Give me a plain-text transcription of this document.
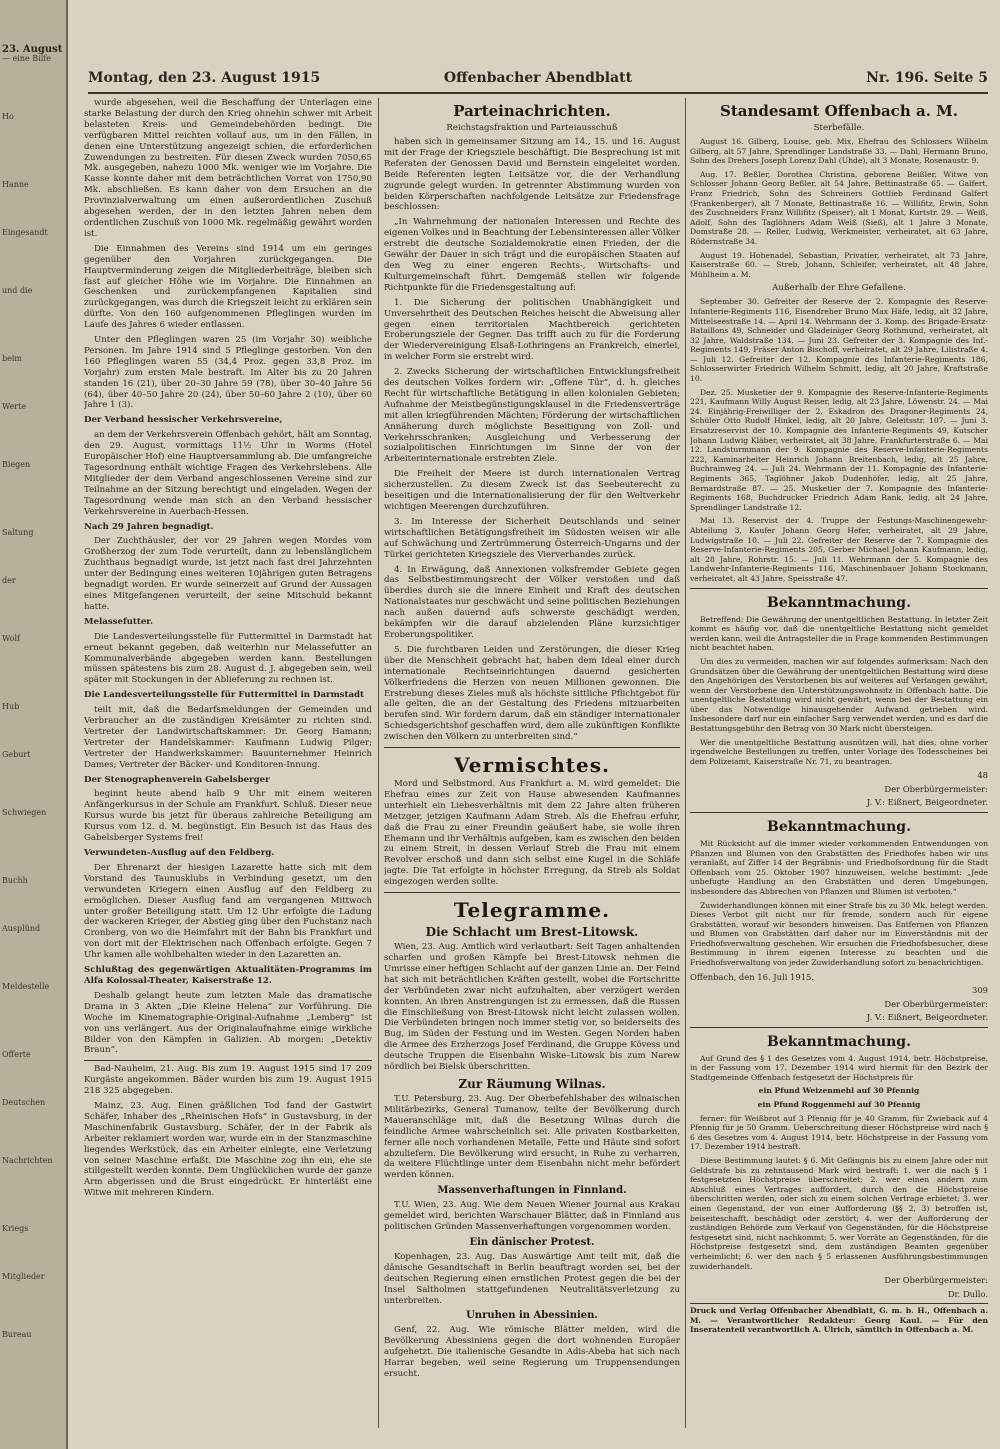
23. August
— eine Bilfe
Ho
Hanne
Eingesandt
und die
beim
Werte
Biegen
Saltung
der
Wolf
Hub
Geburt
Schwiegen
Buchh
Ausplünd
Meldestelle
Offerte
Deutschen
Nachrichten
Kriegs
Mitglieder
Bureau
Montag, den 23. August 1915	Offenbacher Abendblatt	Nr. 196. Seite 5

wurde abgesehen, weil die Beschaffung der Unterlagen eine starke Belastung der durch den Krieg ohnehin schwer mit Arbeit belasteten Kreis- und Gemeindebehörden bedingt. Die verfügbaren Mittel reichten vollauf aus, um in den Fällen, in denen eine Unterstützung angezeigt schien, die erforderlichen Zuwendungen zu bestreiten. Für diesen Zweck wurden 7050,65 Mk. ausgegeben, nahezu 1000 Mk. weniger wie im Vorjahre. Die Kasse konnte daher mit dem beträchtlichen Vorrat von 1750,90 Mk. abschließen. Es kann daher von dem Ersuchen an die Provinzialverwaltung um einen außerordentlichen Zuschuß abgesehen werden, der in den letzten Jahren neben dem ordentlichen Zuschuß von 1000 Mk. regelmäßig gewährt worden ist.

Die Einnahmen des Vereins sind 1914 um ein geringes gegenüber den Vorjahren zurückgegangen. Die Hauptverminderung zeigen die Mitgliederbeiträge, bleiben sich fast auf gleicher Höhe wie im Vorjahre. Die Einnahmen an Geschenken und zurückempfangenen Kapitalien sind zurückgegangen, was durch die Kriegszeit leicht zu erklären sein dürfte. Von den 160 aufgenommenen Pfleglingen wurden im Laufe des Jahres 6 wieder entlassen.

Unter den Pfleglingen waren 25 (im Vorjahr 30) weibliche Personen. Im Jahre 1914 sind 5 Pfleglinge gestorben. Von den 160 Pfleglingen waren 55 (34,4 Proz. gegen 33,8 Proz. im Vorjahr) zum ersten Male bestraft. Im Alter bis zu 20 Jahren standen 16 (21), über 20–30 Jahre 59 (78), über 30–40 Jahre 56 (64), über 40–50 Jahre 20 (24), über 50–60 Jahre 2 (10), über 60 Jahre 1 (3).

Der Verband hessischer Verkehrsvereine,

an dem der Verkehrsverein Offenbach gehört, hält am Sonntag, den 29. August, vormittags 11½ Uhr in Worms (Hotel Europäischer Hof) eine Hauptversammlung ab. Die umfangreiche Tagesordnung enthält wichtige Fragen des Verkehrslebens. Alle Mitglieder der dem Verband angeschlossenen Vereine sind zur Teilnahme an der Sitzung berechtigt und eingeladen. Wegen der Tagesordnung wende man sich an den Verband hessischer Verkehrsvereine in Auerbach-Hessen.

Nach 29 Jahren begnadigt.

Der Zuchthäusler, der vor 29 Jahren wegen Mordes vom Großherzog der zum Tode verurteilt, dann zu lebenslänglichem Zuchthaus begnadigt wurde, ist jetzt nach fast drei Jahrzehnten unter der Bedingung eines weiteren 10jährigen guten Betragens begnadigt worden. Er wurde seinerzeit auf Grund der Aussagen eines Mitgefangenen verurteilt, der seine Mitschuld bekannt hatte.

Melassefutter.

Die Landesverteilungsstelle für Futtermittel in Darmstadt hat erneut bekannt gegeben, daß weiterhin nur Melassefutter an Kommunalverbände abgegeben werden kann. Bestellungen müssen spätestens bis zum 28. August d. J. abgegeben sein, weil später mit Stockungen in der Ablieferung zu rechnen ist.

Die Landesverteilungsstelle für Futtermittel in Darmstadt

teilt mit, daß die Bedarfsmeldungen der Gemeinden und Verbraucher an die zuständigen Kreisämter zu richten sind. Vertreter der Landwirtschaftskammer: Dr. Georg Hamann; Vertreter der Handelskammer: Kaufmann Ludwig Pilger; Vertreter der Handwerkskammer: Bauunternehmer Heinrich Dames; Vertreter der Bäcker- und Konditoren-Innung.

Der Stenographenverein Gabelsberger

beginnt heute abend halb 9 Uhr mit einem weiteren Anfängerkursus in der Schule am Frankfurt. Schluß. Dieser neue Kursus wurde bis jetzt für überaus zahlreiche Beteiligung am Kursus vom 12. d. M. begünstigt. Ein Besuch ist das Haus des Gabelsberger Systems frei!

Verwundeten-Ausflug auf den Feldberg.

Der Ehrenarzt der hiesigen Lazarette hatte sich mit dem Vorstand des Taunusklubs in Verbindung gesetzt, um den verwundeten Kriegern einen Ausflug auf den Feldberg zu ermöglichen. Dieser Ausflug fand am vergangenen Mittwoch unter großer Beteiligung statt. Um 12 Uhr erfolgte die Ladung der wackeren Krieger, der Abstieg ging über den Fuchstanz nach Cronberg, von wo die Heimfahrt mit der Bahn bis Frankfurt und von dort mit der Elektrischen nach Offenbach erfolgte. Gegen 7 Uhr kamen alle wohlbehalten wieder in den Lazaretten an.

Schlußtag des gegenwärtigen Aktualitäten-Programms im Alfa Kolossal-Theater, Kaiserstraße 12.

Deshalb gelangt heute zum letzten Male das dramatische Drama in 3 Akten „Die Kleine Helena“ zur Vorführung. Die Woche im Kinematographie-Original-Aufnahme „Lemberg“ ist von uns verlängert. Aus der Originalaufnahme einige wirkliche Bilder von den Kämpfen in Galizien. Ab morgen: „Detektiv Braun“.

Bad-Nauheim, 21. Aug. Bis zum 19. August 1915 sind 17 209 Kurgäste angekommen. Bäder wurden bis zum 19. August 1915 218 325 abgegeben.

Mainz, 23. Aug. Einen gräßlichen Tod fand der Gastwirt Schäfer, Inhaber des „Rheinischen Hofs“ in Gustavsburg, in der Maschinenfabrik Gustavsburg. Schäfer, der in der Fabrik als Arbeiter reklamiert worden war, wurde ein in der Stanzmaschine liegendes Werkstück, das ein Arbeiter einlegte, eine Verletzung von seiner Maschine erfaßt. Die Maschine zog ihn ein, ehe sie stillgestellt werden konnte. Dem Unglücklichen wurde der ganze Arm abgerissen und die Brust eingedrückt. Er hinterläßt eine Witwe mit mehreren Kindern.

Parteinachrichten.
Reichstagsfraktion und Parteiausschuß

haben sich in gemeinsamer Sitzung am 14., 15. und 16. August mit der Frage der Kriegsziele beschäftigt. Die Besprechung ist mit Referaten der Genossen David und Bernstein eingeleitet worden. Beide Referenten legten Leitsätze vor, die der Verhandlung zugrunde gelegt wurden. In getrennter Abstimmung wurden von beiden Körperschaften nachfolgende Leitsätze zur Friedensfrage beschlossen:

„In Wahrnehmung der nationalen Interessen und Rechte des eigenen Volkes und in Beachtung der Lebensinteressen aller Völker erstrebt die deutsche Sozialdemokratie einen Frieden, der die Gewähr der Dauer in sich trägt und die europäischen Staaten auf den Weg zu einer engeren Rechts-, Wirtschafts- und Kulturgemeinschaft führt. Demgemäß stellen wir folgende Richtpunkte für die Friedensgestaltung auf:

1. Die Sicherung der politischen Unabhängigkeit und Unversehrtheit des Deutschen Reiches heischt die Abweisung aller gegen einen territorialen Machtbereich gerichteten Eroberungsziele der Gegner. Das trifft auch zu für die Forderung der Wiedervereinigung Elsaß-Lothringens an Frankreich, einerlei, in welcher Form sie erstrebt wird.

2. Zwecks Sicherung der wirtschaftlichen Entwicklungsfreiheit des deutschen Volkes fordern wir: „Offene Tür“, d. h. gleiches Recht für wirtschaftliche Betätigung in allen kolonialen Gebieten; Aufnahme der Meistbegünstigungsklausel in die Friedensverträge mit allen kriegführenden Mächten; Förderung der wirtschaftlichen Annäherung durch möglichste Beseitigung von Zoll- und Verkehrsschranken; Ausgleichung und Verbesserung der sozialpolitischen Einrichtungen im Sinne der von der Arbeiterinternationale erstrebten Ziele.

Die Freiheit der Meere ist durch internationalen Vertrag sicherzustellen. Zu diesem Zweck ist das Seebeuterecht zu beseitigen und die Internationalisierung der für den Weltverkehr wichtigen Meerengen durchzuführen.

3. Im Interesse der Sicherheit Deutschlands und seiner wirtschaftlichen Betätigungsfreiheit im Südosten weisen wir alle auf Schwächung und Zertrümmerung Österreich-Ungarns und der Türkei gerichteten Kriegsziele des Vierverbandes zurück.

4. In Erwägung, daß Annexionen volksfremder Gebiete gegen das Selbstbestimmungsrecht der Völker verstoßen und daß überdies durch sie die innere Einheit und Kraft des deutschen Nationalstaates nur geschwächt und seine politischen Beziehungen nach außen dauernd aufs schwerste geschädigt werden, bekämpfen wir die darauf abzielenden Pläne kurzsichtiger Eroberungspolitiker.

5. Die furchtbaren Leiden und Zerstörungen, die dieser Krieg über die Menschheit gebracht hat, haben dem Ideal einer durch internationale Rechtseinrichtungen dauernd gesicherten Völkerfriedens die Herzen von neuen Millionen gewonnen. Die Erstrebung dieses Zieles muß als höchste sittliche Pflichtgebot für alle gelten, die an der Gestaltung des Friedens mitzuarbeiten berufen sind. Wir fordern darum, daß ein ständiger internationaler Schiedsgerichtshof geschaffen wird, dem alle zukünftigen Konflikte zwischen den Völkern zu unterbreiten sind.“

Vermischtes.

Mord und Selbstmord. Aus Frankfurt a. M. wird gemeldet: Die Ehefrau eines zur Zeit von Hause abwesenden Kaufmannes unterhielt ein Liebesverhältnis mit dem 22 Jahre alten früheren Metzger, jetzigen Kaufmann Adam Streb. Als die Ehefrau erfuhr, daß die Frau zu einer Freundin geäußert habe, sie wolle ihren Ehemann und ihr Verhältnis aufgeben, kam es zwischen den beiden zu einem Streit, in dessen Verlauf Streb die Frau mit einem Revolver erschoß und dann sich selbst eine Kugel in die Schläfe jagte. Die Tat erfolgte in höchster Erregung, da Streb als Soldat eingezogen werden sollte.

Telegramme.
Die Schlacht um Brest-Litowsk.

Wien, 23. Aug. Amtlich wird verlautbart: Seit Tagen anhaltenden scharfen und großen Kämpfe bei Brest-Litowsk nehmen die Umrisse einer heftigen Schlacht auf der ganzen Linie an. Der Feind hat sich mit beträchtlichen Kräften gestellt, wobei die Fortschritte der Verbündeten zwar nicht aufzuhalten, aber verzögert werden konnten. An ihren Anstrengungen ist zu ermessen, daß die Russen die Einschließung von Brest-Litowsk nicht leicht zulassen wollen. Die Verbündeten bringen noch immer stetig vor, so beiderseits des Bug, im Süden der Festung und im Westen. Gegen Norden haben die Armee des Erzherzogs Josef Ferdinand, die Gruppe Kövess und deutsche Truppen die Eisenbahn Wiske–Litowsk bis zum Narew nördlich bei Bielsk überschritten.

Zur Räumung Wilnas.

T.U. Petersburg, 23. Aug. Der Oberbefehlshaber des wilnaischen Militärbezirks, General Tumanow, teilte der Bevölkerung durch Maueranschläge mit, daß die Besetzung Wilnas durch die feindliche Armee wahrscheinlich sei. Alle privaten Kostbarkeiten, ferner alle noch vorhandenen Metalle, Fette und Häute sind sofort abzuliefern. Die Bevölkerung wird ersucht, in Ruhe zu verharren, da weitere Flüchtlinge unter dem Eisenbahn nicht mehr befördert werden können.

Massenverhaftungen in Finnland.

T.U. Wien, 23. Aug. Wie dem Neuen Wiener Journal aus Krakau gemeldet wird, berichten Warschauer Blätter, daß in Finnland aus politischen Gründen Massenverhaftungen vorgenommen worden.

Ein dänischer Protest.

Kopenhagen, 23. Aug. Das Auswärtige Amt teilt mit, daß die dänische Gesandtschaft in Berlin beauftragt worden sei, bei der deutschen Regierung einen ernstlichen Protest gegen die bei der Insel Saltholmen stattgefundenen Neutralitätsverletzung zu unterbreiten.

Unruhen in Abessinien.

Genf, 22. Aug. Wie römische Blätter melden, wird die Bevölkerung Abessiniens gegen die dort wohnenden Europäer aufgehetzt. Die italienische Gesandte in Adis-Abeba hat sich nach Harrar begeben, weil seine Regierung um Truppensendungen ersucht.

Standesamt Offenbach a. M.
Sterbefälle.

August 16. Gilberg, Louise, geb. Mix, Ehefrau des Schlossers Wilhelm Gilberg, alt 57 Jahre, Sprendlinger Landstraße 33. — Dahl, Hermann Bruno, Sohn des Drehers Joseph Lorenz Dahl (Uhde), alt 3 Monate, Rosenaustr. 9.

Aug. 17. Beßler, Dorothea Christina, geborene Beißler, Witwe von Schlosser Johann Georg Beßler, alt 54 Jahre, Bettinastraße 65. — Galfert, Franz Friedrich, Sohn des Schreiners Gottlieb Ferdinand Galfert (Frankenberger), alt 7 Monate, Bettinastraße 16. — Willifitz, Erwin, Sohn des Zuschneiders Franz Willifitz (Speiser), alt 1 Monat, Kurtstr. 29. — Weiß, Adolf, Sohn des Taglöhners Adam Weiß (Sieß), alt 1 Jahre 3 Monate, Domstraße 28. — Reller, Ludwig, Werkmeister, verheiratet, alt 63 Jahre, Rödernstraße 34.

August 19. Hohenadel, Sebastian, Privatier, verheiratet, alt 73 Jahre, Kaiserstraße 60. — Streb, Johann, Schleifer, verheiratet, alt 48 Jahre, Mühlheim a. M.

Außerhalb der Ehre Gefallene.

September 30. Gefreiter der Reserve der 2. Kompagnie des Reserve-Infanterie-Regiments 116, Eisendreher Bruno Max Häfe, ledig, alt 32 Jahre, Mittelseestraße 14. — April 14. Wehrmann der 3. Komp. des Brigade-Ersatz-Bataillons 49, Schneider und Gladeiniger Georg Rothmund, verheiratet, alt 32 Jahre, Waldstraße 134. — Juni 23. Gefreiter der 3. Kompagnie des Inf.-Regiments 149, Fräser Anton Bischoff, verheiratet, alt 29 Jahre, Lilistraße 4. — Juli 12. Gefreiter der 12. Kompagnie des Infanterie-Regiments 186, Schlosserwirter Friedrich Wilhelm Schmitt, ledig, alt 20 Jahre, Kraftstraße 10.

Dez. 25. Musketier der 9. Kompagnie des Reserve-Infanterie-Regiments 221, Kaufmann Willy August Reiser, ledig, alt 23 Jahre, Löwenstr. 24. — Mai 24. Einjährig-Freiwilliger der 2. Eskadron des Dragoner-Regiments 24, Schüler Otto Rudolf Hinkel, ledig, alt 20 Jahre, Geleitsstr. 107. — Juni 3. Ersatzreservist der 10. Kompagnie des Infanterie-Regiments 49, Kutscher Johann Ludwig Kläber, verheiratet, alt 38 Jahre, Frankfurterstraße 6. — Mai 12. Landsturmmann der 9. Kompagnie des Reserve-Infanterie-Regiments 222, Kaminarbeiter Heinrich Johann Breitenbach, ledig, alt 25 Jahre, Buchrainweg 24. — Juli 24. Wehrmann der 11. Kompagnie des Infanterie-Regiments 365, Taglöhner Jakob Dudenhöfer, ledig, alt 25 Jahre, Bernardstraße 87. — 25. Musketier der 7. Kompagnie des Infanterie-Regiments 168, Buchdrucker Friedrich Adam Rank, ledig, alt 24 Jahre, Sprendlinger Landstraße 12.

Mai 13. Reservist der 4. Truppe der Festungs-Maschinengewehr-Abteilung 3, Kaufer Johann Georg Hefer, verheiratet, alt 29 Jahre, Ludwigstraße 10. — Juli 22. Gefreiter der Reserve der 7. Kompagnie des Reserve-Infanterie-Regiments 205, Gerber Michael Johann Kaufmann, ledig, alt 28 Jahre, Rohrstr. 15. — Juli 11. Wehrmann der 5. Kompagnie des Landwehr-Infanterie-Regiments 116, Maschinenbauer Johann Stockmann, verheiratet, alt 43 Jahre, Speisstraße 47.

Bekanntmachung.

Betreffend: Die Gewährung der unentgeltlichen Bestattung. In letzter Zeit kommt es häufig vor, daß die unentgeltliche Bestattung nicht gemeldet werden kann, weil die Antragsteller die in Frage kommenden Bestimmungen nicht beachtet haben.

Um dies zu vermeiden, machen wir auf folgendes aufmerksam: Nach den Grundsätzen über die Gewährung der unentgeltlichen Bestattung wird diese den Angehörigen des Verstorbenen bis auf weiteres auf Verlangen gewährt, wenn der Verstorbene den Unterstützungswohnsitz in Offenbach hatte. Die unentgeltliche Bestattung wird nicht gewährt, wenn bei der Bestattung ein über das Notwendige hinausgehender Aufwand getrieben wird. Insbesondere darf nur ein einfacher Sarg verwendet werden, und es darf die Bestattungsgebühr den Betrag von 30 Mark nicht übersteigen.

Wer die unentgeltliche Bestattung ausnützen will, hat dies, ohne vorher irgendwelche Bestellungen zu treffen, unter Vorlage des Todesscheines bei dem Polizeiamt, Kaiserstraße Nr. 71, zu beantragen.

48
Der Oberbürgermeister:
J. V.: Eißnert, Beigeordneter.
Bekanntmachung.

Mit Rücksicht auf die immer wieder vorkommenden Entwendungen von Pflanzen und Blumen von den Grabstätten des Friedhofes haben wir uns veranlaßt, auf Ziffer 14 der Begräbnis- und Friedhofsordnung für die Stadt Offenbach vom 25. Oktober 1907 hinzuweisen, welche bestimmt: „Jede unbefugte Handlung an den Grabstätten und deren Umgebungen, insbesondere das Abbrechen von Pflanzen und Blumen ist verboten.“

Zuwiderhandlungen können mit einer Strafe bis zu 30 Mk. belegt werden. Dieses Verbot gilt nicht nur für fremde, sondern auch für eigene Grabstätten, worauf wir besonders hinweisen. Das Entfernen von Pflanzen und Blumen von Grabstätten darf daher nur im Einverständnis mit der Friedhofsverwaltung geschehen. Wir ersuchen die Friedhofsbesucher, diese Bestimmung in ihrem eigenen Interesse zu beachten und die Friedhofsverwaltung von jeder Zuwiderhandlung sofort zu benachrichtigen.

Offenbach, den 16. Juli 1915.
309
Der Oberbürgermeister:
J. V.: Eißnert, Beigeordneter.
Bekanntmachung.

Auf Grund des § 1 des Gesetzes vom 4. August 1914, betr. Höchstpreise, in der Fassung vom 17. Dezember 1914 wird hiermit für den Bezirk der Stadtgemeinde Offenbach festgesetzt der Höchstpreis für

ein Pfund Weizenmehl auf 30 Pfennig

ein Pfund Roggenmehl auf 30 Pfennig

ferner: für Weißbrot auf 3 Pfennig für je 40 Gramm, für Zwieback auf 4 Pfennig für je 50 Gramm. Ueberschreitung dieser Höchstpreise wird nach § 6 des Gesetzes vom 4. August 1914, betr. Höchstpreise in der Fassung vom 17. Dezember 1914 bestraft.

Diese Bestimmung lautet: § 6. Mit Gefängnis bis zu einem Jahre oder mit Geldstrafe bis zu zehntausend Mark wird bestraft: 1. wer die nach § 1 festgesetzten Höchstpreise überschreitet; 2. wer einen andern zum Abschluß eines Vertrages auffordert, durch den die Höchstpreise überschritten werden, oder sich zu einem solchen Vertrage erbietet; 3. wer einen Gegenstand, der von einer Aufforderung (§§ 2, 3) betroffen ist, beiseiteschafft, beschädigt oder zerstört; 4. wer der Aufforderung der zuständigen Behörde zum Verkauf von Gegenständen, für die Höchstpreise festgesetzt sind, nicht nachkommt; 5. wer Vorräte an Gegenständen, für die Höchstpreise festgesetzt sind, dem zuständigen Beamten gegenüber verheimlicht; 6. wer den nach § 5 erlassenen Ausführungsbestimmungen zuwiderhandelt.

Der Oberbürgermeister:
Dr. Dullo.

Druck und Verlag Offenbacher Abendblatt, G. m. b. H., Offenbach a. M. — Verantwortlicher Redakteur: Georg Kaul. — Für den Inseratenteil verantwortlich A. Ulrich, sämtlich in Offenbach a. M.
